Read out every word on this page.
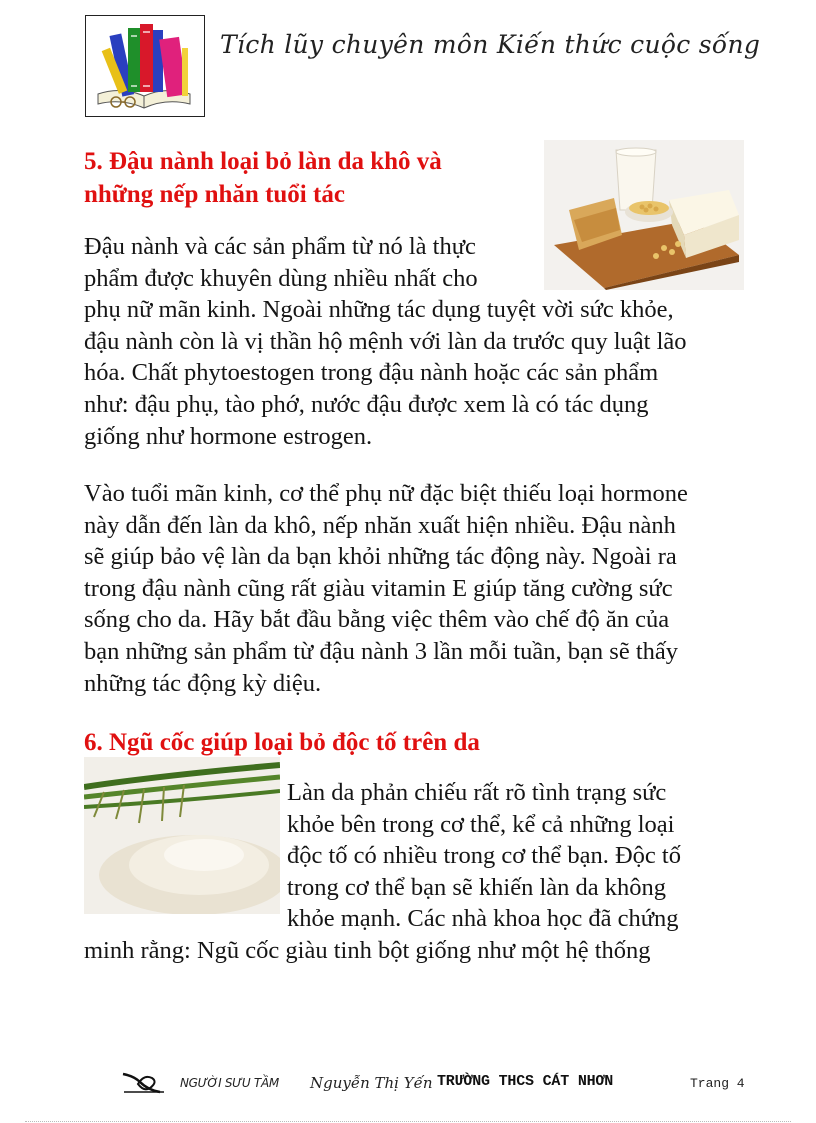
Tích lũy chuyên môn Kiến thức cuộc sống
5. Đậu nành loại bỏ làn da khô và
những nếp nhăn tuổi tác
Đậu nành và các sản phẩm từ nó là thực
phẩm được khuyên dùng nhiều nhất cho
phụ nữ mãn kinh. Ngoài những tác dụng tuyệt vời sức khỏe,
đậu nành còn là vị thần hộ mệnh với làn da trước quy luật lão
hóa. Chất phytoestogen trong đậu nành hoặc các sản phẩm
như: đậu phụ, tào phớ, nước đậu được xem là có tác dụng
giống như hormone estrogen.
Vào tuổi mãn kinh, cơ thể phụ nữ đặc biệt thiếu loại hormone
này dẫn đến làn da khô, nếp nhăn xuất hiện nhiều. Đậu nành
sẽ giúp bảo vệ làn da bạn khỏi những tác động này. Ngoài ra
trong đậu nành cũng rất giàu vitamin E giúp tăng cường sức
sống cho da. Hãy bắt đầu bằng việc thêm vào chế độ ăn của
bạn những sản phẩm từ đậu nành 3 lần mỗi tuần, bạn sẽ thấy
những tác động kỳ diệu.
6. Ngũ cốc giúp loại bỏ độc tố trên da
Làn da phản chiếu rất rõ tình trạng sức
khỏe bên trong cơ thể, kể cả những loại
độc tố có nhiều trong cơ thể bạn. Độc tố
trong cơ thể bạn sẽ khiến làn da không
khỏe mạnh. Các nhà khoa học đã chứng
minh rằng: Ngũ cốc giàu tinh bột giống như một hệ thống
NGƯỜI SƯU TẦM Nguyễn Thị Yến TRƯỜNG THCS CÁT NHƠN	Trang 4
